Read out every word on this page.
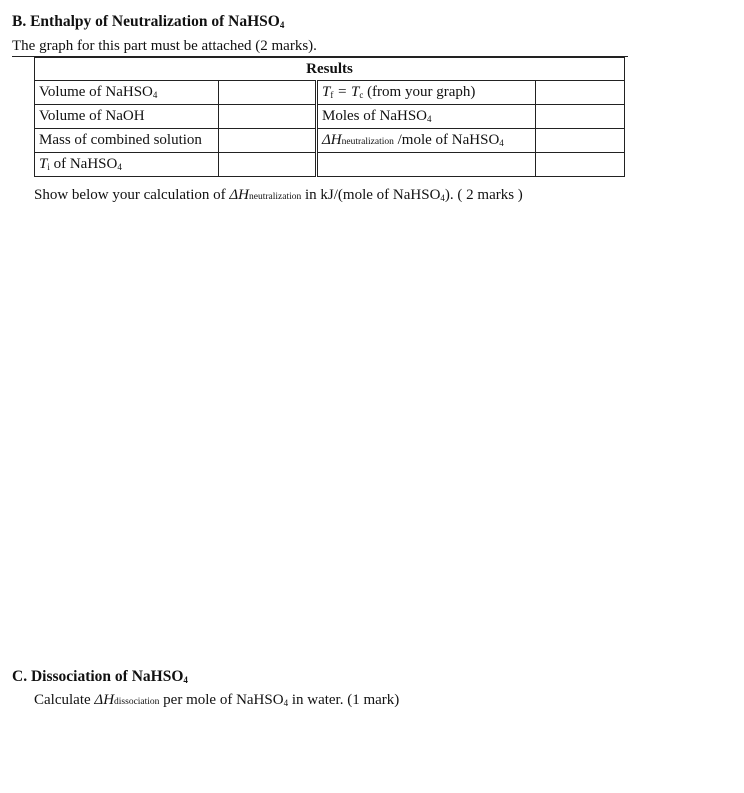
B. Enthalpy of Neutralization of NaHSO$_4$
The graph for this part must be attached (2 marks).
Results			
Volume of NaHSO$_4$		$T_f = T_c$ (from your graph)	
Volume of NaOH		Moles of NaHSO$_4$	
Mass of combined solution		ΔHneutralization /mole of NaHSO$_4$	
$T_i$ of NaHSO$_4$			
Show below your calculation of ΔHneutralization in kJ/(mole of NaHSO$_4$). ( 2 marks )
C. Dissociation of NaHSO$_4$
Calculate ΔHdissociation per mole of NaHSO$_4$ in water. (1 mark)
